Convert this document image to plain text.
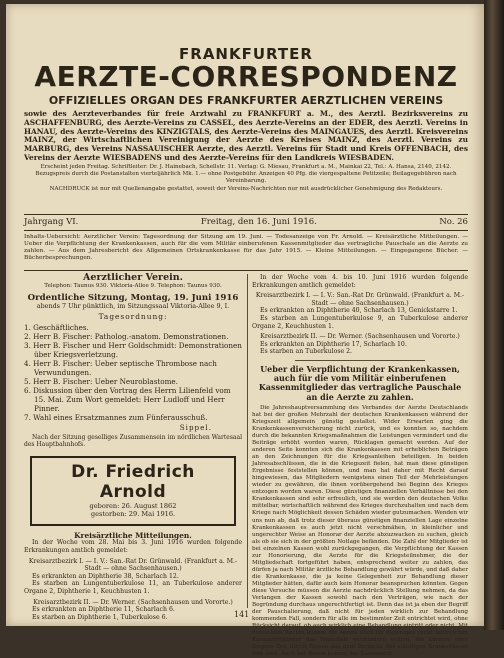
FRANKFURTER
AERZTE-CORRESPONDENZ
OFFIZIELLES ORGAN DES FRANKFURTER AERZTLICHEN VEREINS
sowie des Aerzteverbandes für freie Arztwahl zu FRANKFURT a. M., des Aerztl. Bezirksvereins zu ASCHAFFENBURG, des Aerzte-Vereins zu CASSEL, des Aerzte-Vereins an der EDER, des Aerztl. Vereins in HANAU, des Aerzte-Vereins des KINZIGTALS, des Aerzte-Vereins des MAINGAUES, des Aerztl. Kreisvereins MAINZ, der Wirtschaftlichen Vereinigung der Aerzte des Kreises MAINZ, des Aerztl. Vereins zu MARBURG, des Vereins NASSAUISCHER Aerzte, des Aerztl. Vereins für Stadt und Kreis OFFENBACH, des Vereins der Aerzte WIESBADENS und des Aerzte-Vereins für den Landkreis WIESBADEN.
Erscheint jeden Freitag. Schriftleiter: Dr. J. Hainebach, Schellstr. 11. Verlag: G. Miesau, Frankfurt a. M., Mainkai 22, Tel.: A. Hansa, 2140, 2142.
Bezugspreis durch die Postanstalten vierteljährlich Mk. 1.— ohne Postgebühr. Anzeigen 40 Pfg. die viergespaltene Petitzeile; Beilagegebühren nach Vereinbarung.
NACHDRUCK ist nur mit Quellenangabe gestattet, soweit der Vereins-Nachrichten nur mit ausdrücklicher Genehmigung des Redakteurs.
Jahrgang VI.	Freitag, den 16. Juni 1916.	No. 26
Inhalts-Uebersicht: Aerztlicher Verein: Tagesordnung der Sitzung am 19. Juni. — Todesanzeige von Fr. Arnold. — Kreisärztliche Mitteilungen. — Ueber die Verpflichtung der Krankenkassen, auch für die vom Militär einberufenen Kassenmitglieder das vertragliche Pauschale an die Aerzte zu zahlen. — Aus dem Jahresbericht des Allgemeinen Ortskrankenkasse für das Jahr 1915. — Kleine Mitteilungen. — Eingegangene Bücher. — Bücherbesprechungen.
Aerztlicher Verein.
Telephon: Taunus 930. Viktoria-Allee 9. Telephon: Taunus 930.
Ordentliche Sitzung, Montag, 19. Juni 1916
abends 7 Uhr pünktlich, im Sitzungssaal Viktoria-Allee 9, I.
Tagesordnung:
1. Geschäftliches.
2. Herr B. Fischer: Patholog.-anatom. Demonstrationen.
3. Herr B. Fischer und Herr Goldschmidt: Demonstrationen über Kriegsverletzung.
4. Herr B. Fischer: Ueber septische Thrombose nach Verwundungen.
5. Herr B. Fischer: Ueber Neuroblastome.
6. Diskussion über den Vortrag des Herrn Lilienfeld vom 15. Mai. Zum Wort gemeldet: Herr Ludloff und Herr Pinner.
7. Wahl eines Ersatzmannes zum Fünferausschuß.
Sippel.
Nach der Sitzung geselliges Zusammensein im nördlichen Wartesaal des Hauptbahnhofs.
Dr. Friedrich Arnold
geboren: 26. August 1862
gestorben: 29. Mai 1916.
Kreisärztliche Mitteilungen.
In der Woche vom 28. Mai bis 3. Juni 1916 wurden folgende Erkrankungen amtlich gemeldet:
Kreisarztbezirk I. — I. V.: San.-Rat Dr. Grünwald. (Frankfurt a. M.-Stadt — ohne Sachsenhausen.)
Es erkrankten an Diphtherie 38, Scharlach 12.
Es starben an Lungentuberkulose 11, an Tuberkulose anderer Organe 2, Diphtherie 1, Keuchhusten 1.
Kreisarztbezirk II. — Dr. Werner. (Sachsenhausen und Vororte.)
Es erkrankten an Diphtherie 11, Scharlach 6.
Es starben an Diphtherie 1, Tuberkulose 6.
In der Woche vom 4. bis 10. Juni 1916 wurden folgende Erkrankungen amtlich gemeldet:
Kreisarztbezirk I. — I. V.: San.-Rat Dr. Grünwald. (Frankfurt a. M.-Stadt — ohne Sachsenhausen.)
Es erkrankten an Diphtherie 40, Scharlach 13, Genickstarre 1.
Es starben an Lungentuberkulose 9, an Tuberkulose anderer Organe 2, Keuchhusten 1.
Kreisarztbezirk II. — Dr. Werner. (Sachsenhausen und Vororte.)
Es erkrankten an Diphtherie 17, Scharlach 10.
Es starben an Tuberkulose 2.
Ueber die Verpflichtung der Krankenkassen, auch für die vom Militär einberufenen Kassenmitglieder das vertragliche Pauschale an die Aerzte zu zahlen.
Die Jahreshauptversammlung des Verbandes der Aerzte Deutschlands hat bei der großen Mehrzahl der deutschen Krankenkassen während der Kriegszeit allgemein günstig gestaltet. Wider Erwarten ging die Krankenkassenversicherung nicht zurück, und es konnten so, nachdem durch die bekannten Kriegsmaßnahmen die Leistungen vermindert und die Beiträge erhöht worden waren, Rücklagen gemacht werden. Auf der anderen Seite konnten sich die Krankenkassen mit erheblichen Beträgen an den Zeichnungen für die Kriegsanleihen beteiligen. In beiden Jahresabschlüssen, die in die Kriegszeit fielen, hat man diese günstigen Ergebnisse feststellen können, und man hat daher mit Recht darauf hingewiesen, das Mitgliedern wenigstens einen Teil der Mehrleistungen wieder zu gewähren, die ihnen vorübergehend bei Beginn des Krieges entzogen worden waren. Diese günstigen finanziellen Verhältnisse bei den Krankenkassen sind sehr erfreulich, und sie werden den deutschen Volke mittelbar, wirtschaftlich während des Krieges durchzuhalten und nach dem Kriege nach Möglichkeit dessen Schäden wieder gutzumachen. Wenden wir uns nun ab, daß trotz dieser überaus günstigen finanziellen Lage einzelne Krankenkassen es auch jetzt nicht verschmähen, in kleinlicher und ungerechter Weise an Honorar der Aerzte abzuzwacken zu suchen, gleich als ob sie sich in der größten Notlage befänden. Die Zahl der Mitglieder ist bei einzelnen Kassen wohl zurückgegangen, die Verpflichtung der Kassen zur Honorierung, die Aerzte für die Kriegsteilnehmer, die der Mitgliedschaft fortgeführt haben, entsprechend weiter zu zahlen, das dürfen ja nach Militär ärztliche Behandlung gewährt würde, und daß daher die Krankenkasse, die ja keine Gelegenheit zur Behandlung dieser Mitglieder hätten, dafür auch kein Honorar beanspruchen könnten. Gegen diese Versuche müssen die Aerzte nachdrücklich Stellung nehmen, da das Verlangen der Kassen sowohl nach den Verträgen, wie nach der Begründung durchaus ungerechtfertigt ist. Denn das ist ja eben der Begriff der Pauschalierung, daß nicht für jeden wirklich zur Behandlung kommenden Fall, sondern für alle im bestimmter Zeit entrichtet wird, ohne Rücksicht darauf, ob auch wirklich eine Behandlung eintritt oder nicht. Mit demselben Rechte könnte die Aerzte auch für diejenigen recht zahlreichen Kassenmitglieder das Pauschale vermindern wollen, die kürzere oder längere Zeit durch Reisen aus dem Bereiche der ständigen Krankenkasse fern sind. Auch bei diesen kommt der Kassenarzt
141
